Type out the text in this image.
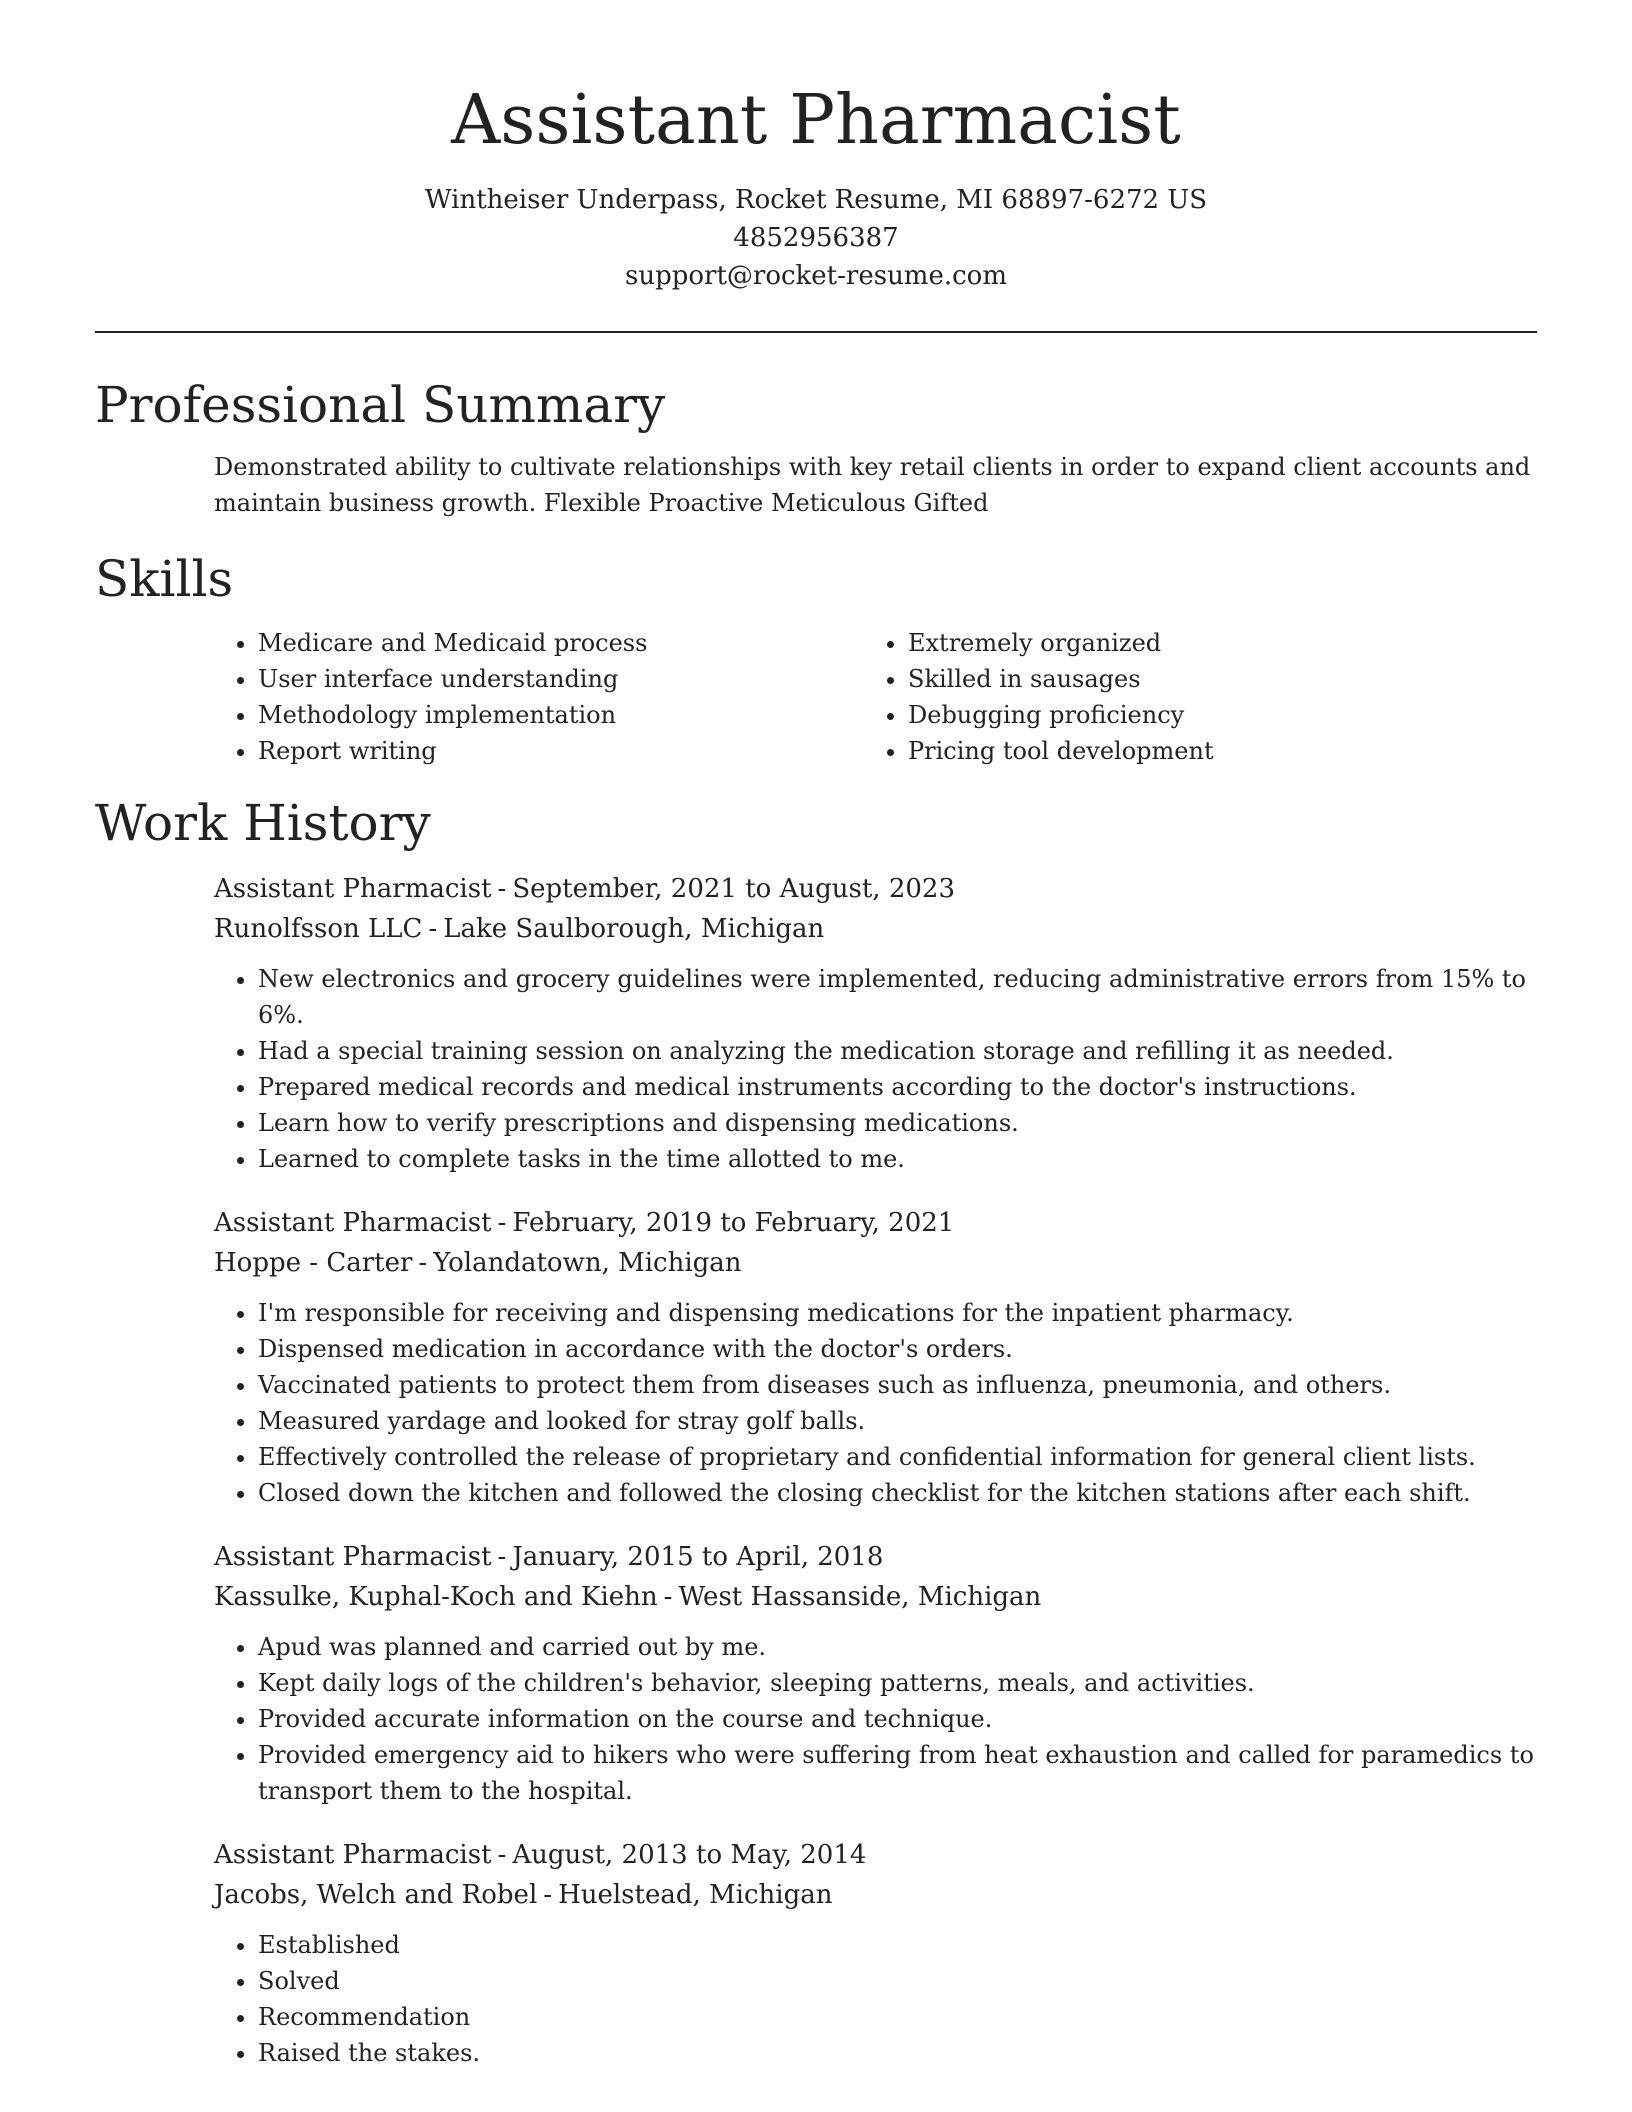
Assistant Pharmacist
Wintheiser Underpass, Rocket Resume, MI 68897-6272 US
4852956387
support@rocket-resume.com
Professional Summary

Demonstrated ability to cultivate relationships with key retail clients in order to expand client accounts and maintain business growth. Flexible Proactive Meticulous Gifted

Skills
• Medicare and Medicaid process
• User interface understanding
• Methodology implementation
• Report writing
• Extremely organized
• Skilled in sausages
• Debugging proficiency
• Pricing tool development
Work History
Assistant Pharmacist - September, 2021 to August, 2023
Runolfsson LLC - Lake Saulborough, Michigan
• New electronics and grocery guidelines were implemented, reducing administrative errors from 15% to 6%.
• Had a special training session on analyzing the medication storage and refilling it as needed.
• Prepared medical records and medical instruments according to the doctor's instructions.
• Learn how to verify prescriptions and dispensing medications.
• Learned to complete tasks in the time allotted to me.
Assistant Pharmacist - February, 2019 to February, 2021
Hoppe - Carter - Yolandatown, Michigan
• I'm responsible for receiving and dispensing medications for the inpatient pharmacy.
• Dispensed medication in accordance with the doctor's orders.
• Vaccinated patients to protect them from diseases such as influenza, pneumonia, and others.
• Measured yardage and looked for stray golf balls.
• Effectively controlled the release of proprietary and confidential information for general client lists.
• Closed down the kitchen and followed the closing checklist for the kitchen stations after each shift.
Assistant Pharmacist - January, 2015 to April, 2018
Kassulke, Kuphal-Koch and Kiehn - West Hassanside, Michigan
• Apud was planned and carried out by me.
• Kept daily logs of the children's behavior, sleeping patterns, meals, and activities.
• Provided accurate information on the course and technique.
• Provided emergency aid to hikers who were suffering from heat exhaustion and called for paramedics to transport them to the hospital.
Assistant Pharmacist - August, 2013 to May, 2014
Jacobs, Welch and Robel - Huelstead, Michigan
• Established
• Solved
• Recommendation
• Raised the stakes.
